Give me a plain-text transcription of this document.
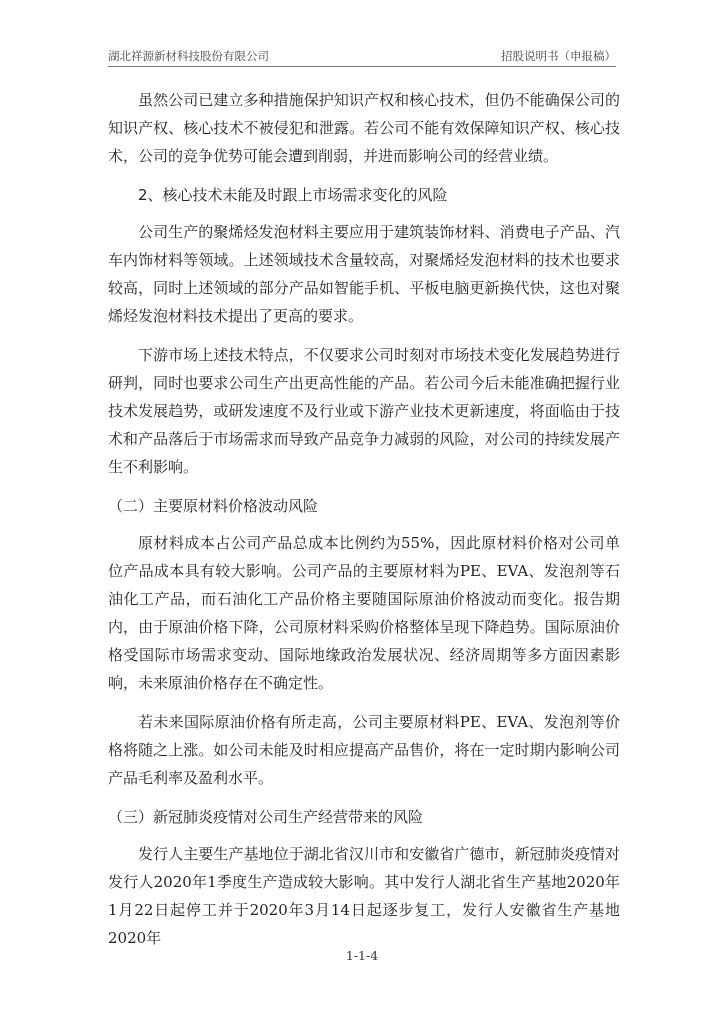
湖北祥源新材科技股份有限公司	招股说明书（申报稿）

虽然公司已建立多种措施保护知识产权和核心技术，但仍不能确保公司的知识产权、核心技术不被侵犯和泄露。若公司不能有效保障知识产权、核心技术，公司的竞争优势可能会遭到削弱，并进而影响公司的经营业绩。

2、核心技术未能及时跟上市场需求变化的风险

公司生产的聚烯烃发泡材料主要应用于建筑装饰材料、消费电子产品、汽车内饰材料等领域。上述领域技术含量较高，对聚烯烃发泡材料的技术也要求较高，同时上述领域的部分产品如智能手机、平板电脑更新换代快，这也对聚烯烃发泡材料技术提出了更高的要求。

下游市场上述技术特点，不仅要求公司时刻对市场技术变化发展趋势进行研判，同时也要求公司生产出更高性能的产品。若公司今后未能准确把握行业技术发展趋势，或研发速度不及行业或下游产业技术更新速度，将面临由于技术和产品落后于市场需求而导致产品竞争力减弱的风险，对公司的持续发展产生不利影响。

（二）主要原材料价格波动风险

原材料成本占公司产品总成本比例约为55%，因此原材料价格对公司单位产品成本具有较大影响。公司产品的主要原材料为PE、EVA、发泡剂等石油化工产品，而石油化工产品价格主要随国际原油价格波动而变化。报告期内，由于原油价格下降，公司原材料采购价格整体呈现下降趋势。国际原油价格受国际市场需求变动、国际地缘政治发展状况、经济周期等多方面因素影响，未来原油价格存在不确定性。

若未来国际原油价格有所走高，公司主要原材料PE、EVA、发泡剂等价格将随之上涨。如公司未能及时相应提高产品售价，将在一定时期内影响公司产品毛利率及盈利水平。

（三）新冠肺炎疫情对公司生产经营带来的风险

发行人主要生产基地位于湖北省汉川市和安徽省广德市，新冠肺炎疫情对发行人2020年1季度生产造成较大影响。其中发行人湖北省生产基地2020年1月22日起停工并于2020年3月14日起逐步复工，发行人安徽省生产基地2020年

1-1-4
